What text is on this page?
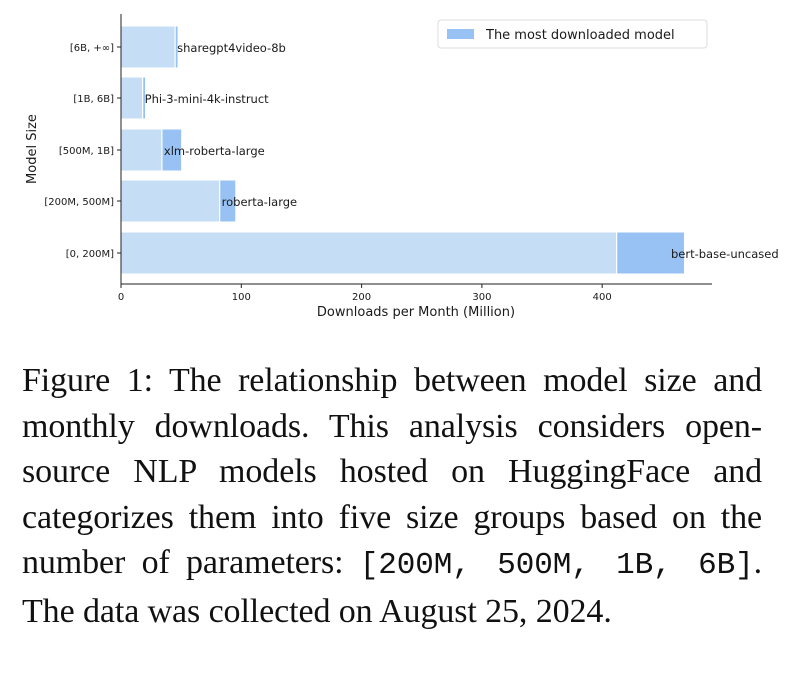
[0, 200M]	bert-base-uncased
[200M, 500M]	roberta-large
[500M, 1B]	xlm-roberta-large
[1B, 6B]	Phi-3-mini-4k-instruct
[6B, +∞]	sharegpt4video-8b
0	100	200	300	400
Downloads per Month (Million)
Model Size
The most downloaded model
Figure 1: The relationship between model size and monthly downloads. This analysis considers open-source NLP models hosted on HuggingFace and categorizes them into five size groups based on the number of parameters: [200M, 500M, 1B, 6B]. The data was collected on August 25, 2024.
